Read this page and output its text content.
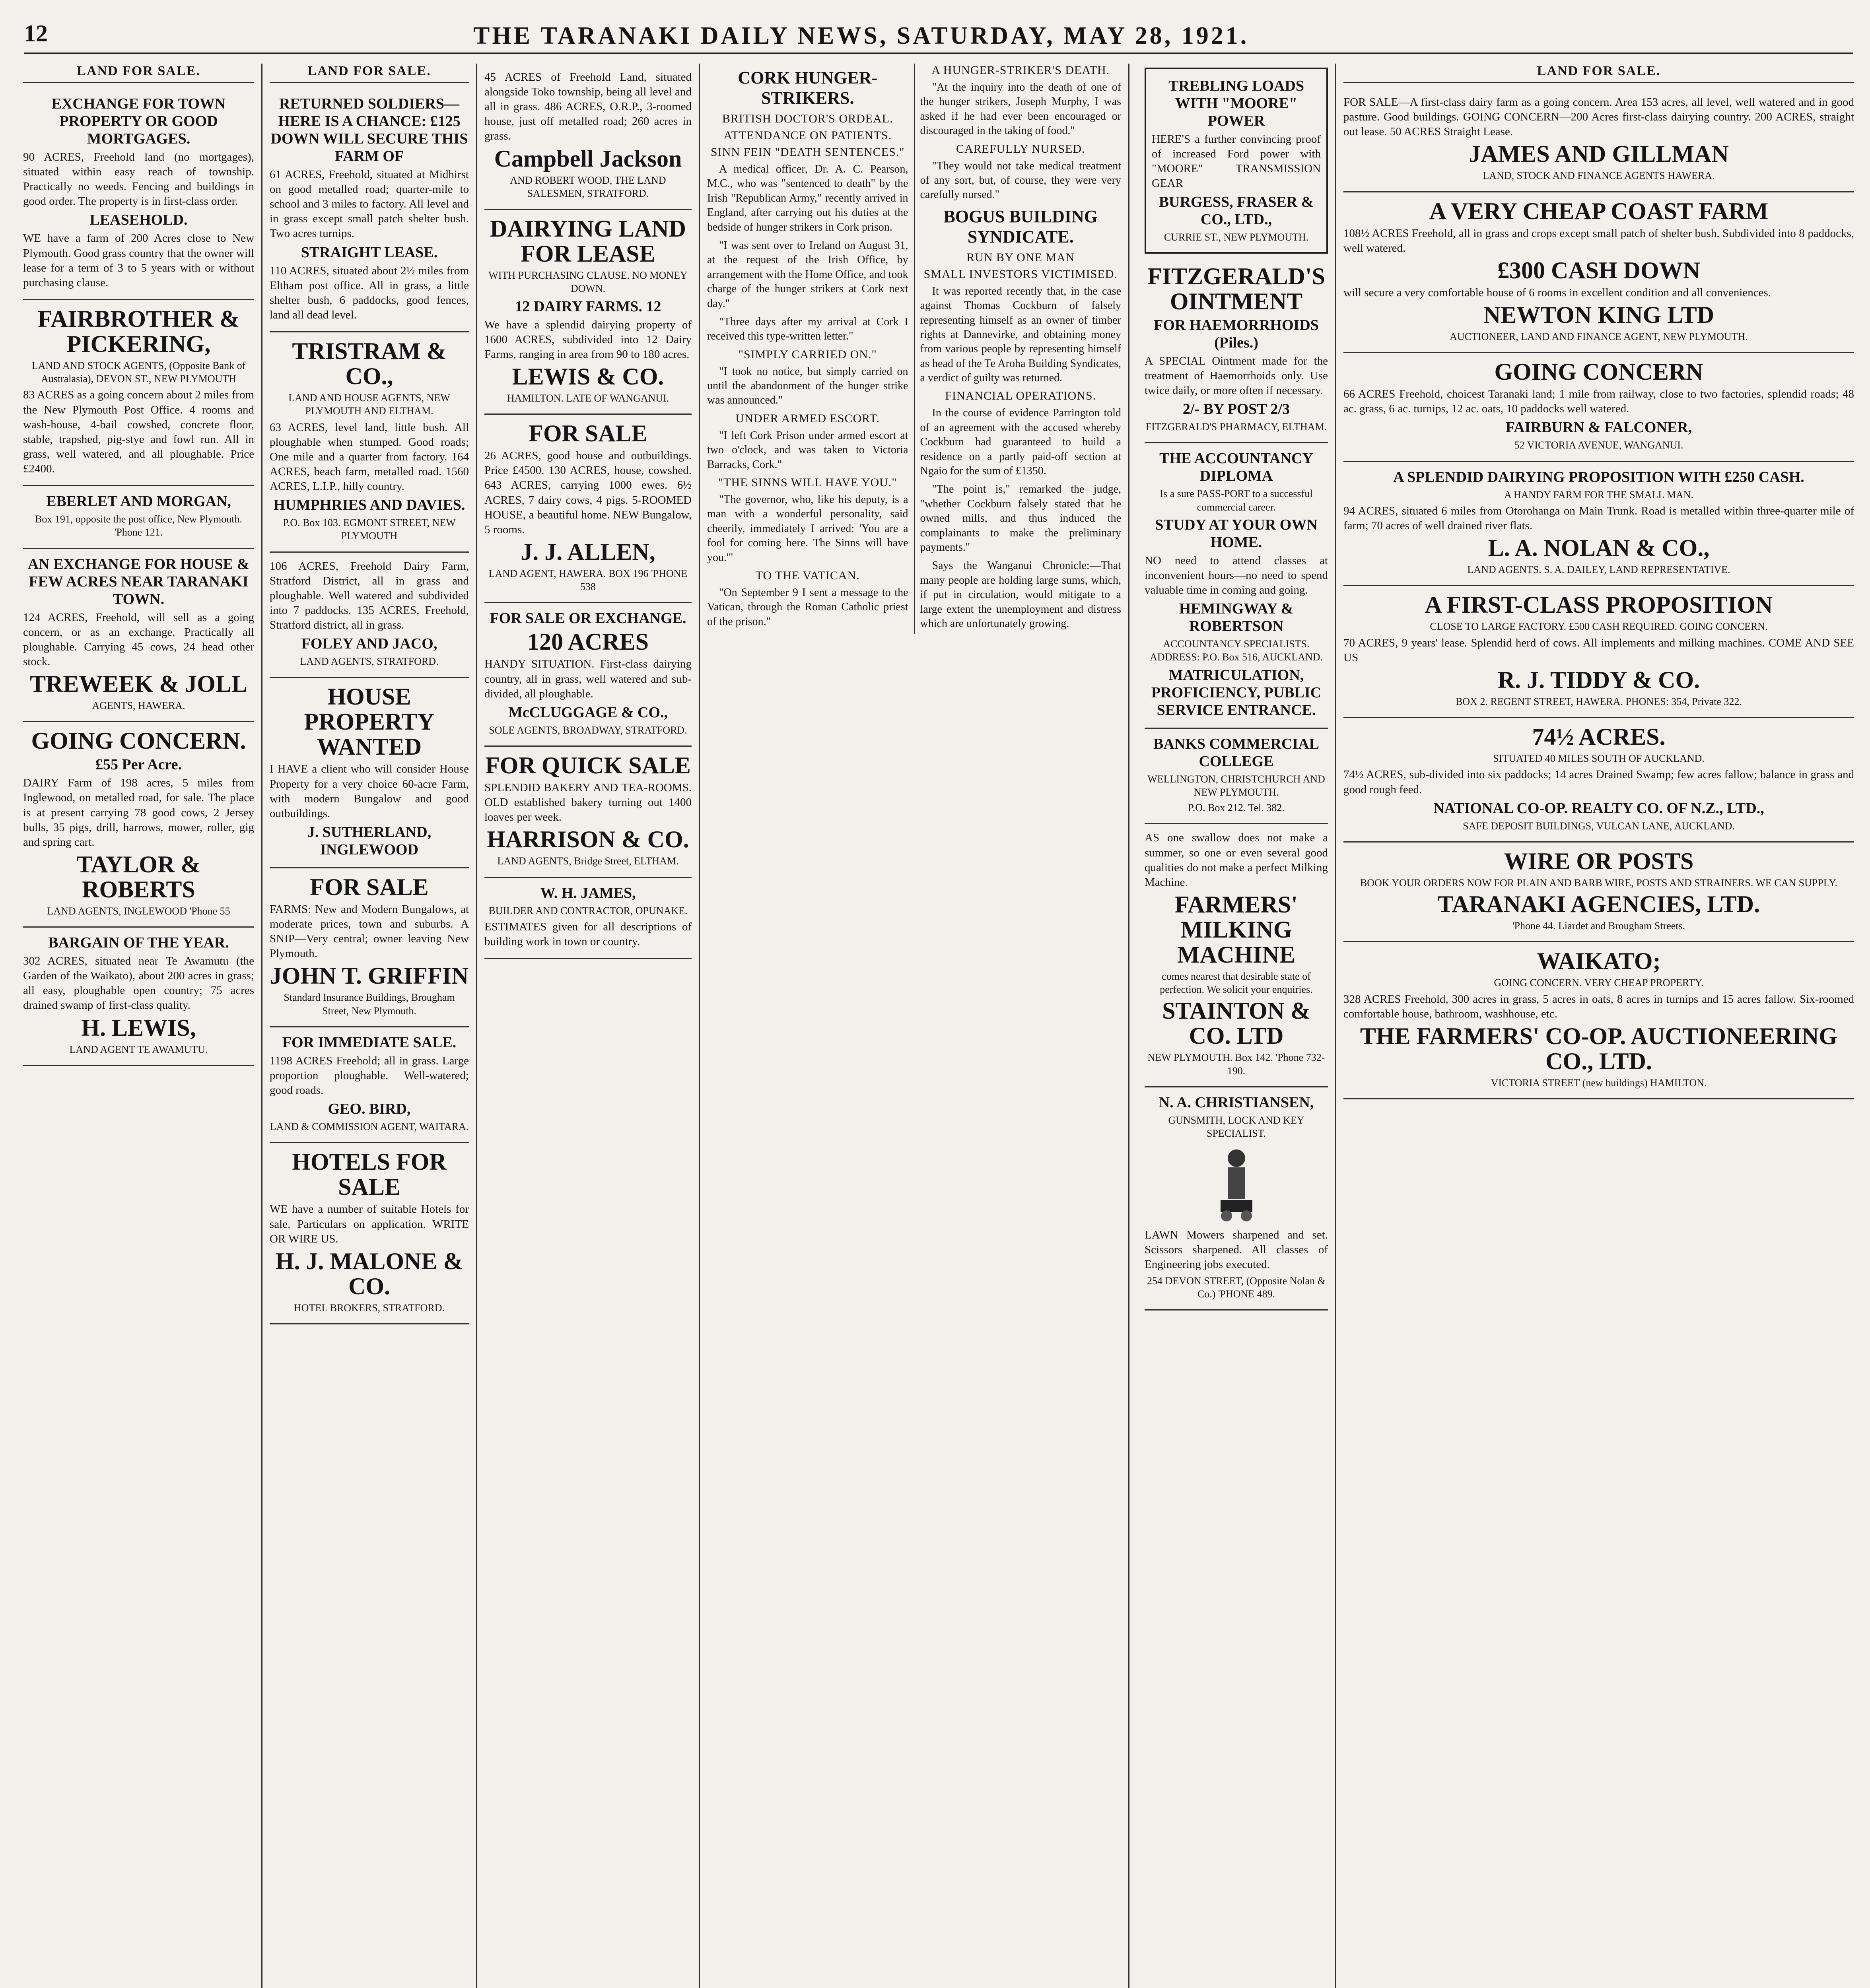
12	THE TARANAKI DAILY NEWS, SATURDAY, MAY 28, 1921.
LAND FOR SALE.
EXCHANGE FOR TOWN PROPERTY OR GOOD MORTGAGES.

90 ACRES, Freehold land (no mortgages), situated within easy reach of township. Practically no weeds. Fencing and buildings in good order. The property is in first-class order.

LEASEHOLD.

WE have a farm of 200 Acres close to New Plymouth. Good grass country that the owner will lease for a term of 3 to 5 years with or without purchasing clause.

FAIRBROTHER & PICKERING,

LAND AND STOCK AGENTS, (Opposite Bank of Australasia), DEVON ST., NEW PLYMOUTH

83 ACRES as a going concern about 2 miles from the New Plymouth Post Office. 4 rooms and wash-house, 4-bail cowshed, concrete floor, stable, trapshed, pig-stye and fowl run. All in grass, well watered, and all ploughable. Price £2400.

EBERLET AND MORGAN,

Box 191, opposite the post office, New Plymouth. 'Phone 121.

AN EXCHANGE FOR HOUSE & FEW ACRES NEAR TARANAKI TOWN.

124 ACRES, Freehold, will sell as a going concern, or as an exchange. Practically all ploughable. Carrying 45 cows, 24 head other stock.

TREWEEK & JOLL

AGENTS, HAWERA.

GOING CONCERN.
£55 Per Acre.

DAIRY Farm of 198 acres, 5 miles from Inglewood, on metalled road, for sale. The place is at present carrying 78 good cows, 2 Jersey bulls, 35 pigs, drill, harrows, mower, roller, gig and spring cart.

TAYLOR & ROBERTS

LAND AGENTS, INGLEWOOD 'Phone 55

BARGAIN OF THE YEAR.

302 ACRES, situated near Te Awamutu (the Garden of the Waikato), about 200 acres in grass; all easy, ploughable open country; 75 acres drained swamp of first-class quality.

H. LEWIS,

LAND AGENT TE AWAMUTU.

LAND FOR SALE.
RETURNED SOLDIERS—HERE IS A CHANCE: £125 DOWN WILL SECURE THIS FARM OF

61 ACRES, Freehold, situated at Midhirst on good metalled road; quarter-mile to school and 3 miles to factory. All level and in grass except small patch shelter bush. Two acres turnips.

STRAIGHT LEASE.

110 ACRES, situated about 2½ miles from Eltham post office. All in grass, a little shelter bush, 6 paddocks, good fences, land all dead level.

TRISTRAM & CO.,

LAND AND HOUSE AGENTS, NEW PLYMOUTH AND ELTHAM.

63 ACRES, level land, little bush. All ploughable when stumped. Good roads; One mile and a quarter from factory. 164 ACRES, beach farm, metalled road. 1560 ACRES, L.I.P., hilly country.

HUMPHRIES AND DAVIES.

P.O. Box 103. EGMONT STREET, NEW PLYMOUTH

106 ACRES, Freehold Dairy Farm, Stratford District, all in grass and ploughable. Well watered and subdivided into 7 paddocks. 135 ACRES, Freehold, Stratford district, all in grass.

FOLEY AND JACO,

LAND AGENTS, STRATFORD.

HOUSE PROPERTY WANTED

I HAVE a client who will consider House Property for a very choice 60-acre Farm, with modern Bungalow and good outbuildings.

J. SUTHERLAND, INGLEWOOD
FOR SALE

FARMS: New and Modern Bungalows, at moderate prices, town and suburbs. A SNIP—Very central; owner leaving New Plymouth.

JOHN T. GRIFFIN

Standard Insurance Buildings, Brougham Street, New Plymouth.

FOR IMMEDIATE SALE.

1198 ACRES Freehold; all in grass. Large proportion ploughable. Well-watered; good roads.

GEO. BIRD,

LAND & COMMISSION AGENT, WAITARA.

HOTELS FOR SALE

WE have a number of suitable Hotels for sale. Particulars on application. WRITE OR WIRE US.

H. J. MALONE & CO.

HOTEL BROKERS, STRATFORD.

45 ACRES of Freehold Land, situated alongside Toko township, being all level and all in grass. 486 ACRES, O.R.P., 3-roomed house, just off metalled road; 260 acres in grass.

Campbell Jackson

AND ROBERT WOOD, THE LAND SALESMEN, STRATFORD.

DAIRYING LAND FOR LEASE

WITH PURCHASING CLAUSE. NO MONEY DOWN.

12 DAIRY FARMS. 12

We have a splendid dairying property of 1600 ACRES, subdivided into 12 Dairy Farms, ranging in area from 90 to 180 acres.

LEWIS & CO.

HAMILTON. LATE OF WANGANUI.

FOR SALE

26 ACRES, good house and outbuildings. Price £4500. 130 ACRES, house, cowshed. 643 ACRES, carrying 1000 ewes. 6½ ACRES, 7 dairy cows, 4 pigs. 5-ROOMED HOUSE, a beautiful home. NEW Bungalow, 5 rooms.

J. J. ALLEN,

LAND AGENT, HAWERA. BOX 196 'PHONE 538

FOR SALE OR EXCHANGE.
120 ACRES

HANDY SITUATION. First-class dairying country, all in grass, well watered and sub-divided, all ploughable.

McCLUGGAGE & CO.,

SOLE AGENTS, BROADWAY, STRATFORD.

FOR QUICK SALE

SPLENDID BAKERY AND TEA-ROOMS. OLD established bakery turning out 1400 loaves per week.

HARRISON & CO.

LAND AGENTS, Bridge Street, ELTHAM.

W. H. JAMES,

BUILDER AND CONTRACTOR, OPUNAKE.

ESTIMATES given for all descriptions of building work in town or country.

CORK HUNGER-STRIKERS.
BRITISH DOCTOR'S ORDEAL.
ATTENDANCE ON PATIENTS.
SINN FEIN "DEATH SENTENCES."

A medical officer, Dr. A. C. Pearson, M.C., who was "sentenced to death" by the Irish "Republican Army," recently arrived in England, after carrying out his duties at the bedside of hunger strikers in Cork prison.

"I was sent over to Ireland on August 31, at the request of the Irish Office, by arrangement with the Home Office, and took charge of the hunger strikers at Cork next day."

"Three days after my arrival at Cork I received this type-written letter."

"SIMPLY CARRIED ON."

"I took no notice, but simply carried on until the abandonment of the hunger strike was announced."

UNDER ARMED ESCORT.

"I left Cork Prison under armed escort at two o'clock, and was taken to Victoria Barracks, Cork."

"THE SINNS WILL HAVE YOU."

"The governor, who, like his deputy, is a man with a wonderful personality, said cheerily, immediately I arrived: 'You are a fool for coming here. The Sinns will have you.'"

TO THE VATICAN.

"On September 9 I sent a message to the Vatican, through the Roman Catholic priest of the prison."

A HUNGER-STRIKER'S DEATH.

"At the inquiry into the death of one of the hunger strikers, Joseph Murphy, I was asked if he had ever been encouraged or discouraged in the taking of food."

CAREFULLY NURSED.

"They would not take medical treatment of any sort, but, of course, they were very carefully nursed."

BOGUS BUILDING SYNDICATE.
RUN BY ONE MAN
SMALL INVESTORS VICTIMISED.

It was reported recently that, in the case against Thomas Cockburn of falsely representing himself as an owner of timber rights at Dannevirke, and obtaining money from various people by representing himself as head of the Te Aroha Building Syndicates, a verdict of guilty was returned.

FINANCIAL OPERATIONS.

In the course of evidence Parrington told of an agreement with the accused whereby Cockburn had guaranteed to build a residence on a partly paid-off section at Ngaio for the sum of £1350.

"The point is," remarked the judge, "whether Cockburn falsely stated that he owned mills, and thus induced the complainants to make the preliminary payments."

Says the Wanganui Chronicle:—That many people are holding large sums, which, if put in circulation, would mitigate to a large extent the unemployment and distress which are unfortunately growing.

TREBLING LOADS WITH "MOORE" POWER

HERE'S a further convincing proof of increased Ford power with "MOORE" TRANSMISSION GEAR

BURGESS, FRASER & CO., LTD.,

CURRIE ST., NEW PLYMOUTH.

FITZGERALD'S OINTMENT
FOR HAEMORRHOIDS (Piles.)

A SPECIAL Ointment made for the treatment of Haemorrhoids only. Use twice daily, or more often if necessary.

2/- BY POST 2/3

FITZGERALD'S PHARMACY, ELTHAM.

THE ACCOUNTANCY DIPLOMA

Is a sure PASS-PORT to a successful commercial career.

STUDY AT YOUR OWN HOME.

NO need to attend classes at inconvenient hours—no need to spend valuable time in coming and going.

HEMINGWAY & ROBERTSON

ACCOUNTANCY SPECIALISTS. ADDRESS: P.O. Box 516, AUCKLAND.

MATRICULATION, PROFICIENCY, PUBLIC SERVICE ENTRANCE.
BANKS COMMERCIAL COLLEGE

WELLINGTON, CHRISTCHURCH AND NEW PLYMOUTH.

P.O. Box 212. Tel. 382.

AS one swallow does not make a summer, so one or even several good qualities do not make a perfect Milking Machine.

FARMERS' MILKING MACHINE

comes nearest that desirable state of perfection. We solicit your enquiries.

STAINTON & CO. LTD

NEW PLYMOUTH. Box 142. 'Phone 732-190.

N. A. CHRISTIANSEN,

GUNSMITH, LOCK AND KEY SPECIALIST.

LAWN Mowers sharpened and set. Scissors sharpened. All classes of Engineering jobs executed.

254 DEVON STREET, (Opposite Nolan & Co.) 'PHONE 489.

LAND FOR SALE.

FOR SALE—A first-class dairy farm as a going concern. Area 153 acres, all level, well watered and in good pasture. Good buildings. GOING CONCERN—200 Acres first-class dairying country. 200 ACRES, straight out lease. 50 ACRES Straight Lease.

JAMES AND GILLMAN

LAND, STOCK AND FINANCE AGENTS HAWERA.

A VERY CHEAP COAST FARM

108½ ACRES Freehold, all in grass and crops except small patch of shelter bush. Subdivided into 8 paddocks, well watered.

£300 CASH DOWN

will secure a very comfortable house of 6 rooms in excellent condition and all conveniences.

NEWTON KING LTD

AUCTIONEER, LAND AND FINANCE AGENT, NEW PLYMOUTH.

GOING CONCERN

66 ACRES Freehold, choicest Taranaki land; 1 mile from railway, close to two factories, splendid roads; 48 ac. grass, 6 ac. turnips, 12 ac. oats, 10 paddocks well watered.

FAIRBURN & FALCONER,

52 VICTORIA AVENUE, WANGANUI.

A SPLENDID DAIRYING PROPOSITION WITH £250 CASH.

A HANDY FARM FOR THE SMALL MAN.

94 ACRES, situated 6 miles from Otorohanga on Main Trunk. Road is metalled within three-quarter mile of farm; 70 acres of well drained river flats.

L. A. NOLAN & CO.,

LAND AGENTS. S. A. DAILEY, LAND REPRESENTATIVE.

A FIRST-CLASS PROPOSITION

CLOSE TO LARGE FACTORY. £500 CASH REQUIRED. GOING CONCERN.

70 ACRES, 9 years' lease. Splendid herd of cows. All implements and milking machines. COME AND SEE US

R. J. TIDDY & CO.

BOX 2. REGENT STREET, HAWERA. PHONES: 354, Private 322.

74½ ACRES.

SITUATED 40 MILES SOUTH OF AUCKLAND.

74½ ACRES, sub-divided into six paddocks; 14 acres Drained Swamp; few acres fallow; balance in grass and good rough feed.

NATIONAL CO-OP. REALTY CO. OF N.Z., LTD.,

SAFE DEPOSIT BUILDINGS, VULCAN LANE, AUCKLAND.

WIRE OR POSTS

BOOK YOUR ORDERS NOW FOR PLAIN AND BARB WIRE, POSTS AND STRAINERS. WE CAN SUPPLY.

TARANAKI AGENCIES, LTD.

'Phone 44. Liardet and Brougham Streets.

WAIKATO;

GOING CONCERN. VERY CHEAP PROPERTY.

328 ACRES Freehold, 300 acres in grass, 5 acres in oats, 8 acres in turnips and 15 acres fallow. Six-roomed comfortable house, bathroom, washhouse, etc.

THE FARMERS' CO-OP. AUCTIONEERING CO., LTD.

VICTORIA STREET (new buildings) HAMILTON.
